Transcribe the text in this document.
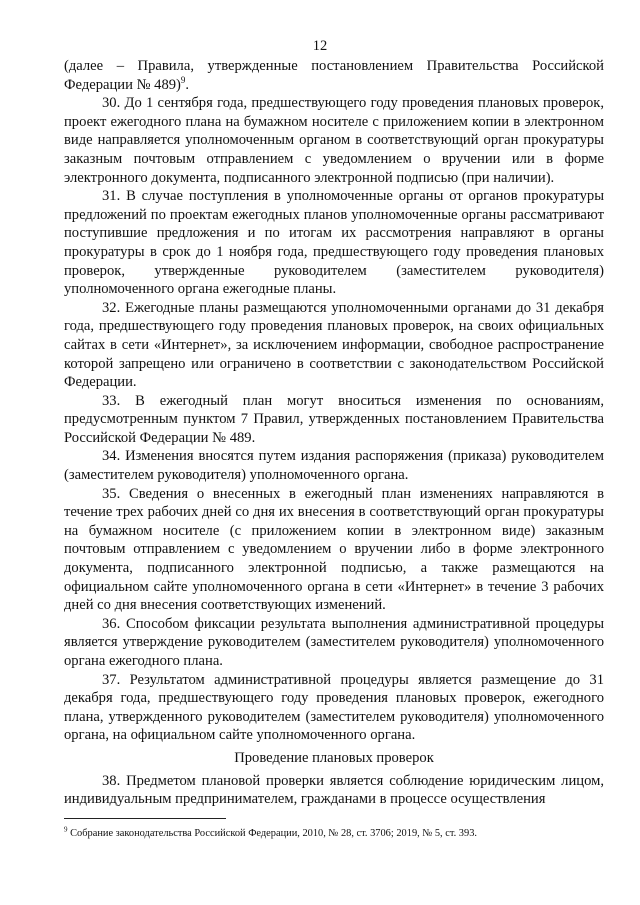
12

(далее – Правила, утвержденные постановлением Правительства Российской Федерации № 489)$^9$.

30. До 1 сентября года, предшествующего году проведения плановых проверок, проект ежегодного плана на бумажном носителе с приложением копии в электронном виде направляется уполномоченным органом в соответствующий орган прокуратуры заказным почтовым отправлением с уведомлением о вручении или в форме электронного документа, подписанного электронной подписью (при наличии).

31. В случае поступления в уполномоченные органы от органов прокуратуры предложений по проектам ежегодных планов уполномоченные органы рассматривают поступившие предложения и по итогам их рассмотрения направляют в органы прокуратуры в срок до 1 ноября года, предшествующего году проведения плановых проверок, утвержденные руководителем (заместителем руководителя) уполномоченного органа ежегодные планы.

32. Ежегодные планы размещаются уполномоченными органами до 31 декабря года, предшествующего году проведения плановых проверок, на своих официальных сайтах в сети «Интернет», за исключением информации, свободное распространение которой запрещено или ограничено в соответствии с законодательством Российской Федерации.

33. В ежегодный план могут вноситься изменения по основаниям, предусмотренным пунктом 7 Правил, утвержденных постановлением Правительства Российской Федерации № 489.

34. Изменения вносятся путем издания распоряжения (приказа) руководителем (заместителем руководителя) уполномоченного органа.

35. Сведения о внесенных в ежегодный план изменениях направляются в течение трех рабочих дней со дня их внесения в соответствующий орган прокуратуры на бумажном носителе (с приложением копии в электронном виде) заказным почтовым отправлением с уведомлением о вручении либо в форме электронного документа, подписанного электронной подписью, а также размещаются на официальном сайте уполномоченного органа в сети «Интернет» в течение 3 рабочих дней со дня внесения соответствующих изменений.

36. Способом фиксации результата выполнения административной процедуры является утверждение руководителем (заместителем руководителя) уполномоченного органа ежегодного плана.

37. Результатом административной процедуры является размещение до 31 декабря года, предшествующего году проведения плановых проверок, ежегодного плана, утвержденного руководителем (заместителем руководителя) уполномоченного органа, на официальном сайте уполномоченного органа.

Проведение плановых проверок

38. Предметом плановой проверки является соблюдение юридическим лицом, индивидуальным предпринимателем, гражданами в процессе осуществления

$^9$ Собрание законодательства Российской Федерации, 2010, № 28, ст. 3706; 2019, № 5, ст. 393.
